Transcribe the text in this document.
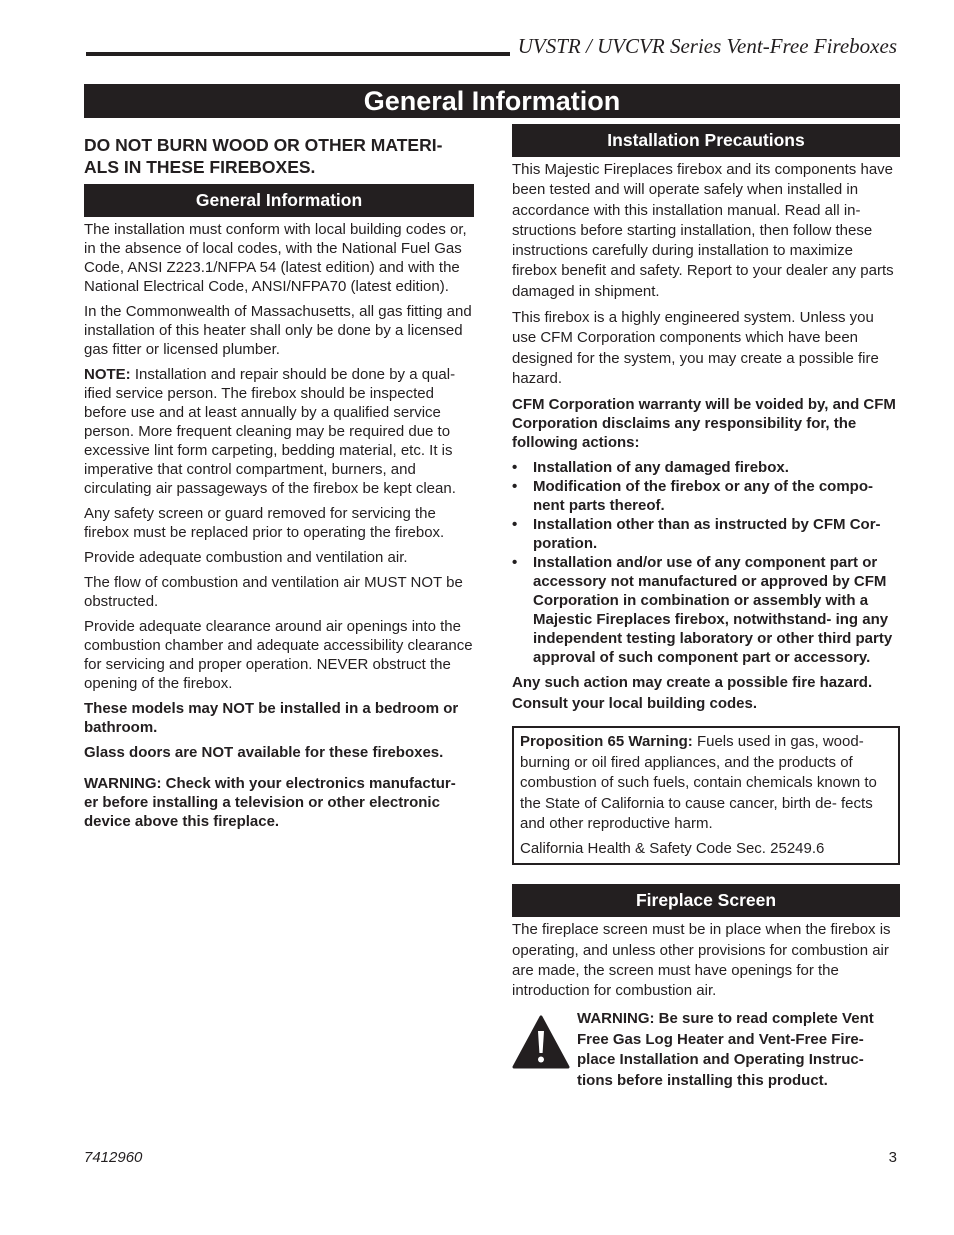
UVSTR / UVCVR Series Vent-Free Fireboxes
General Information

DO NOT BURN WOOD OR OTHER MATERI- ALS IN THESE FIREBOXES.

General Information

The installation must conform with local building codes or, in the absence of local codes, with the National Fuel Gas Code, ANSI Z223.1/NFPA 54 (latest edition) and with the National Electrical Code, ANSI/NFPA70 (latest edition).

In the Commonwealth of Massachusetts, all gas fitting and installation of this heater shall only be done by a licensed gas fitter or licensed plumber.

NOTE: Installation and repair should be done by a qual- ified service person. The firebox should be inspected before use and at least annually by a qualified service person. More frequent cleaning may be required due to excessive lint form carpeting, bedding material, etc. It is imperative that control compartment, burners, and circulating air passageways of the firebox be kept clean.

Any safety screen or guard removed for servicing the firebox must be replaced prior to operating the firebox.

Provide adequate combustion and ventilation air.

The flow of combustion and ventilation air MUST NOT be obstructed.

Provide adequate clearance around air openings into the combustion chamber and adequate accessibility clearance for servicing and proper operation. NEVER obstruct the opening of the firebox.

These models may NOT be installed in a bedroom or bathroom.

Glass doors are NOT available for these fireboxes.

WARNING: Check with your electronics manufactur- er before installing a television or other electronic device above this fireplace.

Installation Precautions

This Majestic Fireplaces firebox and its components have been tested and will operate safely when installed in accordance with this installation manual. Read all in- structions before starting installation, then follow these instructions carefully during installation to maximize firebox benefit and safety. Report to your dealer any parts damaged in shipment.

This firebox is a highly engineered system. Unless you use CFM Corporation components which have been designed for the system, you may create a possible fire hazard.

CFM Corporation warranty will be voided by, and CFM Corporation disclaims any responsibility for, the following actions:

• Installation of any damaged firebox.
• Modification of the firebox or any of the compo- nent parts thereof.
• Installation other than as instructed by CFM Cor- poration.
• Installation and/or use of any component part or accessory not manufactured or approved by CFM Corporation in combination or assembly with a Majestic Fireplaces firebox, notwithstand- ing any independent testing laboratory or other third party approval of such component part or accessory.

Any such action may create a possible fire hazard. Consult your local building codes.

Proposition 65 Warning: Fuels used in gas, wood- burning or oil fired appliances, and the products of combustion of such fuels, contain chemicals known to the State of California to cause cancer, birth de- fects and other reproductive harm.

California Health & Safety Code Sec. 25249.6

Fireplace Screen

The fireplace screen must be in place when the firebox is operating, and unless other provisions for combustion air are made, the screen must have openings for the introduction for combustion air.

WARNING: Be sure to read complete Vent Free Gas Log Heater and Vent-Free Fire- place Installation and Operating Instruc- tions before installing this product.

7412960	3
